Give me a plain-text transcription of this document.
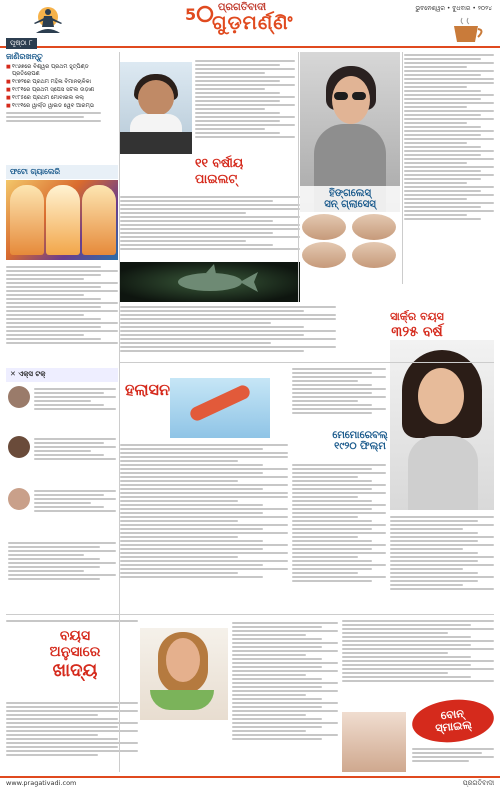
5 ପ୍ରଗତିବାଦୀ
ଗୁଡ଼ମର୍ଣ୍ଣିଂ
ଭୁବନେଶ୍ୱର • ବୁଧବାର • ୨୦୨୪
ପୃଷ୍ଠା ୮
ଜାଣିରଖନ୍ତୁ
■ ୧୯୬୭ରେ ବିଶ୍ୱର ପ୍ରଥମ ହୃତ୍‌ପିଣ୍ଡ ପ୍ରତିରୋପଣ
■ ୧୯୭୨ରେ ପ୍ରଥମ ମହିଳା ବିମାନଚାଳିକା
■ ୧୯୮୧ରେ ପ୍ରଥମ ସ୍ପେସ ସଟଲ ଉଡ଼ାଣ
■ ୧୯୮୫ରେ ପ୍ରଥମ ମୋବାଇଲ କଲ୍
■ ୧୯୯୧ରେ ୱାର୍ଲ୍ଡ ୱାଇଡ ୱେବ ଆରମ୍ଭ
ଫଟୋ ଗ୍ୟାଲେରି
✕ ଏକ୍ସ ଟକ୍
୧୧ ବର୍ଷୀୟ
ପାଇଲଟ୍
ହିଙ୍ଗଲେସ୍
ସନ୍ ଗ୍ଲାସେସ୍
ସାର୍କ୍‌ର ବୟସ
୩୨୫ ବର୍ଷ
ହଲାସନ
ମେମୋରେବଲ୍
୧୯୨୦ ଫିଲ୍ମ
ବୟସ
ଅନୁସାରେ
ଖାଦ୍ୟ
ବୋନ୍
ସ୍ମାଇଲ୍
www.pragativadi.com	ପ୍ରଗତିବାଦୀ
